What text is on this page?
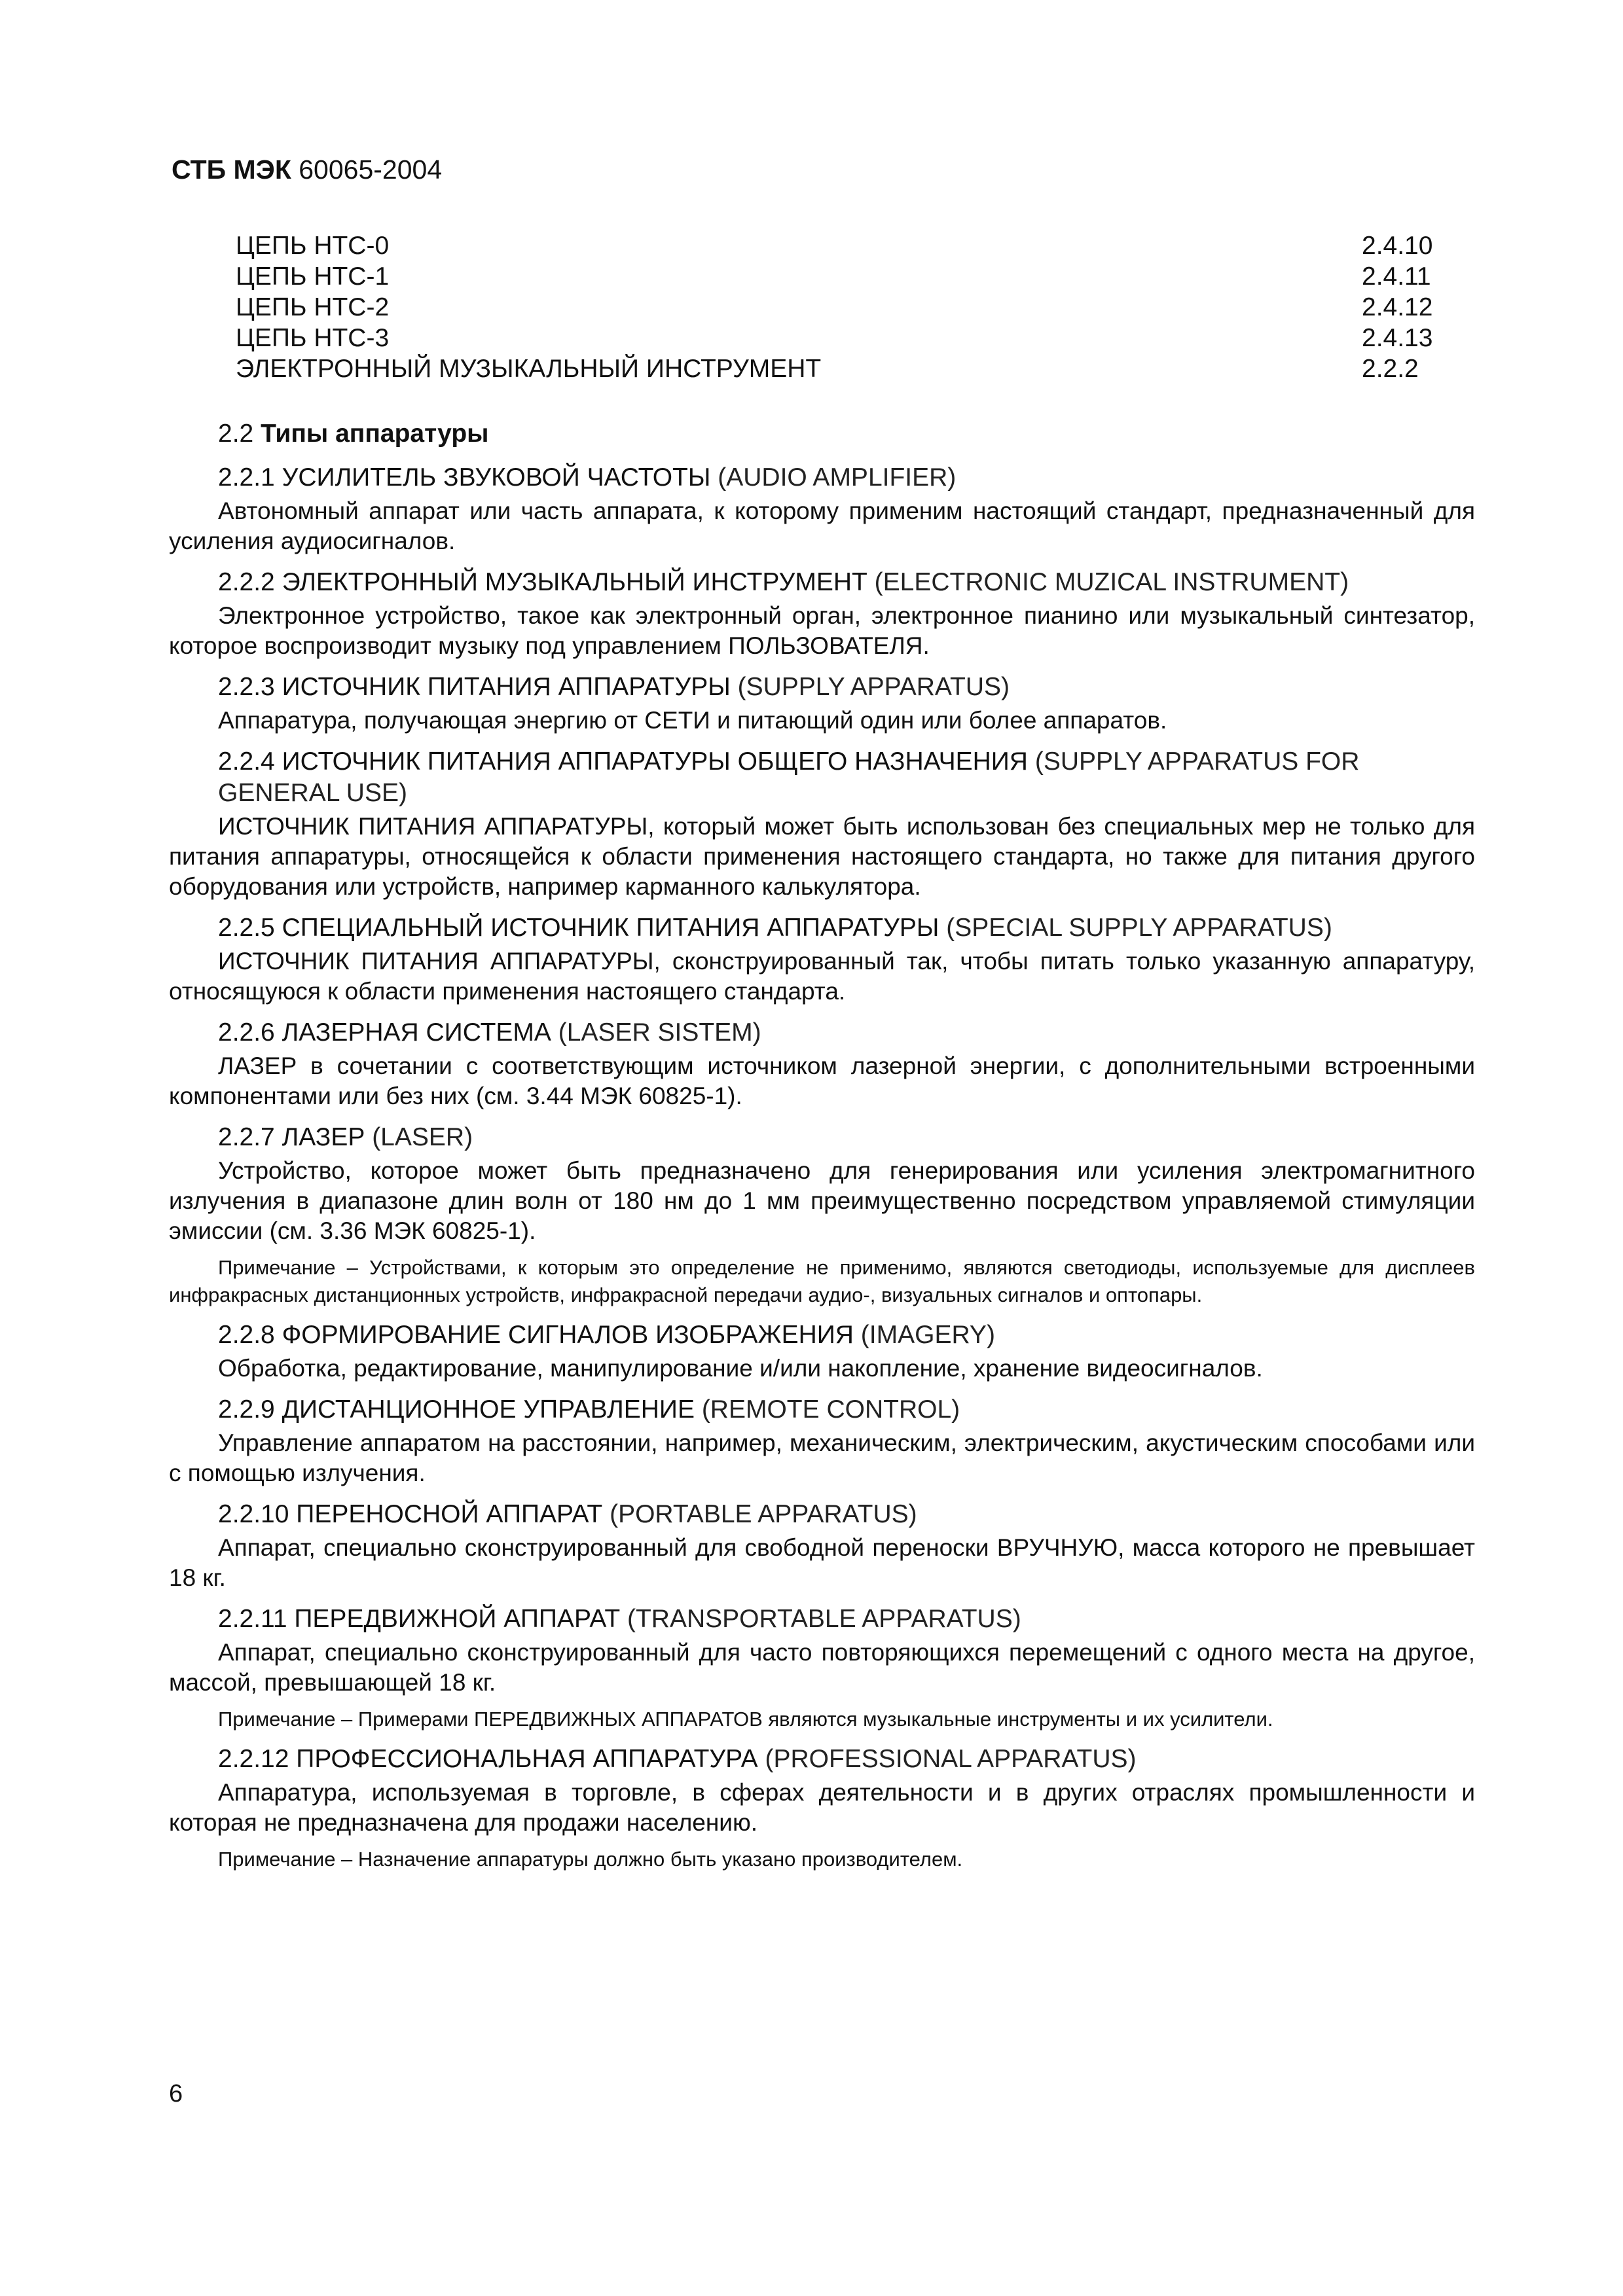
СТБ МЭК 60065-2004
ЦЕПЬ НТС-0	2.4.10
ЦЕПЬ НТС-1	2.4.11
ЦЕПЬ НТС-2	2.4.12
ЦЕПЬ НТС-3	2.4.13
ЭЛЕКТРОННЫЙ МУЗЫКАЛЬНЫЙ ИНСТРУМЕНТ	2.2.2
2.2 Типы аппаратуры
2.2.1 УСИЛИТЕЛЬ ЗВУКОВОЙ ЧАСТОТЫ (AUDIO AMPLIFIER)

Автономный аппарат или часть аппарата, к которому применим настоящий стандарт, предназначенный для усиления аудиосигналов.

2.2.2 ЭЛЕКТРОННЫЙ МУЗЫКАЛЬНЫЙ ИНСТРУМЕНТ (ELECTRONIC MUZICAL INSTRUMENT)

Электронное устройство, такое как электронный орган, электронное пианино или музыкальный синтезатор, которое воспроизводит музыку под управлением ПОЛЬЗОВАТЕЛЯ.

2.2.3 ИСТОЧНИК ПИТАНИЯ АППАРАТУРЫ (SUPPLY APPARATUS)

Аппаратура, получающая энергию от СЕТИ и питающий один или более аппаратов.

2.2.4 ИСТОЧНИК ПИТАНИЯ АППАРАТУРЫ ОБЩЕГО НАЗНАЧЕНИЯ (SUPPLY APPARATUS FOR GENERAL USE)

ИСТОЧНИК ПИТАНИЯ АППАРАТУРЫ, который может быть использован без специальных мер не только для питания аппаратуры, относящейся к области применения настоящего стандарта, но также для питания другого оборудования или устройств, например карманного калькулятора.

2.2.5 СПЕЦИАЛЬНЫЙ ИСТОЧНИК ПИТАНИЯ АППАРАТУРЫ (SPECIAL SUPPLY APPARATUS)

ИСТОЧНИК ПИТАНИЯ АППАРАТУРЫ, сконструированный так, чтобы питать только указанную аппаратуру, относящуюся к области применения настоящего стандарта.

2.2.6 ЛАЗЕРНАЯ СИСТЕМА (LASER SISTEM)

ЛАЗЕР в сочетании с соответствующим источником лазерной энергии, с дополнительными встроенными компонентами или без них (см. 3.44 МЭК 60825-1).

2.2.7 ЛАЗЕР (LASER)

Устройство, которое может быть предназначено для генерирования или усиления электромагнитного излучения в диапазоне длин волн от 180 нм до 1 мм преимущественно посредством управляемой стимуляции эмиссии (см. 3.36 МЭК 60825-1).

Примечание – Устройствами, к которым это определение не применимо, являются светодиоды, используемые для дисплеев инфракрасных дистанционных устройств, инфракрасной передачи аудио-, визуальных сигналов и оптопары.

2.2.8 ФОРМИРОВАНИЕ СИГНАЛОВ ИЗОБРАЖЕНИЯ (IMAGERY)

Обработка, редактирование, манипулирование и/или накопление, хранение видеосигналов.

2.2.9 ДИСТАНЦИОННОЕ УПРАВЛЕНИЕ (REMOTE CONTROL)

Управление аппаратом на расстоянии, например, механическим, электрическим, акустическим способами или с помощью излучения.

2.2.10 ПЕРЕНОСНОЙ АППАРАТ (PORTABLE APPARATUS)

Аппарат, специально сконструированный для свободной переноски ВРУЧНУЮ, масса которого не превышает 18 кг.

2.2.11 ПЕРЕДВИЖНОЙ АППАРАТ (TRANSPORTABLE APPARATUS)

Аппарат, специально сконструированный для часто повторяющихся перемещений с одного места на другое, массой, превышающей 18 кг.

Примечание – Примерами ПЕРЕДВИЖНЫХ АППАРАТОВ являются музыкальные инструменты и их усилители.

2.2.12 ПРОФЕССИОНАЛЬНАЯ АППАРАТУРА (PROFESSIONAL APPARATUS)

Аппаратура, используемая в торговле, в сферах деятельности и в других отраслях промышленности и которая не предназначена для продажи населению.

Примечание – Назначение аппаратуры должно быть указано производителем.

6
